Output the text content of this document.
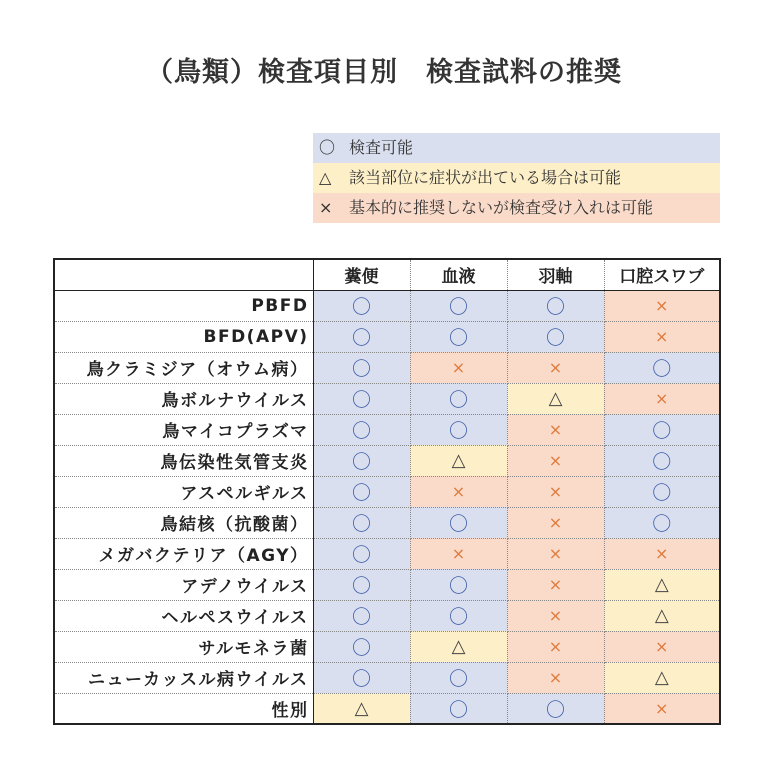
（鳥類）検査項目別　検査試料の推奨
〇 検査可能
△ 該当部位に症状が出ている場合は可能
× 基本的に推奨しないが検査受け入れは可能
	糞便	血液	羽軸	口腔スワブ
PBFD	〇	〇	〇	×
BFD(APV)	〇	〇	〇	×
鳥クラミジア（オウム病）	〇	×	×	〇
鳥ボルナウイルス	〇	〇	△	×
鳥マイコプラズマ	〇	〇	×	〇
鳥伝染性気管支炎	〇	△	×	〇
アスペルギルス	〇	×	×	〇
鳥結核（抗酸菌）	〇	〇	×	〇
メガバクテリア（AGY）	〇	×	×	×
アデノウイルス	〇	〇	×	△
ヘルペスウイルス	〇	〇	×	△
サルモネラ菌	〇	△	×	×
ニューカッスル病ウイルス	〇	〇	×	△
性別	△	〇	〇	×
